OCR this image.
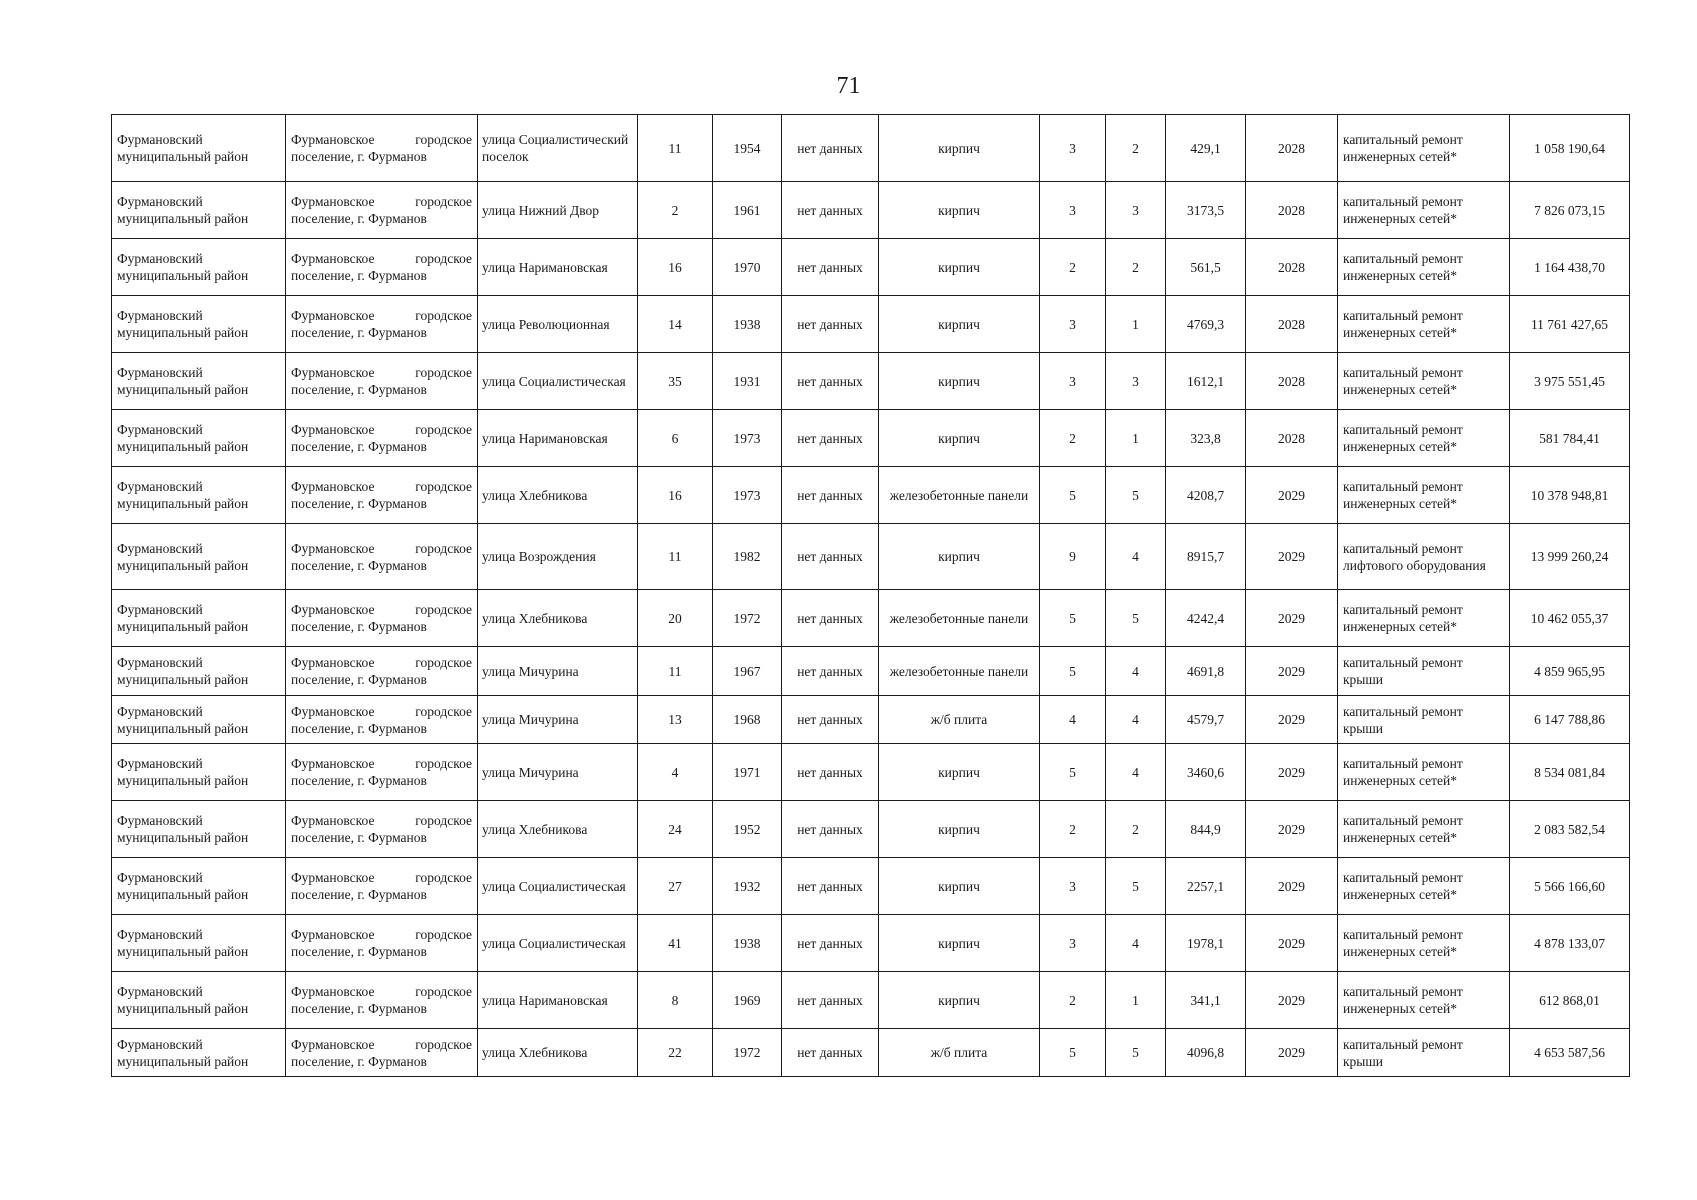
71
Фурмановский муниципальный район	Фурмановское городское поселение, г. Фурманов	улица Социалистический поселок	11	1954	нет данных	кирпич	3	2	429,1	2028	капитальный ремонт инженерных сетей*	1 058 190,64
Фурмановский муниципальный район	Фурмановское городское поселение, г. Фурманов	улица Нижний Двор	2	1961	нет данных	кирпич	3	3	3173,5	2028	капитальный ремонт инженерных сетей*	7 826 073,15
Фурмановский муниципальный район	Фурмановское городское поселение, г. Фурманов	улица Наримановская	16	1970	нет данных	кирпич	2	2	561,5	2028	капитальный ремонт инженерных сетей*	1 164 438,70
Фурмановский муниципальный район	Фурмановское городское поселение, г. Фурманов	улица Революционная	14	1938	нет данных	кирпич	3	1	4769,3	2028	капитальный ремонт инженерных сетей*	11 761 427,65
Фурмановский муниципальный район	Фурмановское городское поселение, г. Фурманов	улица Социалистическая	35	1931	нет данных	кирпич	3	3	1612,1	2028	капитальный ремонт инженерных сетей*	3 975 551,45
Фурмановский муниципальный район	Фурмановское городское поселение, г. Фурманов	улица Наримановская	6	1973	нет данных	кирпич	2	1	323,8	2028	капитальный ремонт инженерных сетей*	581 784,41
Фурмановский муниципальный район	Фурмановское городское поселение, г. Фурманов	улица Хлебникова	16	1973	нет данных	железобетонные панели	5	5	4208,7	2029	капитальный ремонт инженерных сетей*	10 378 948,81
Фурмановский муниципальный район	Фурмановское городское поселение, г. Фурманов	улица Возрождения	11	1982	нет данных	кирпич	9	4	8915,7	2029	капитальный ремонт лифтового оборудования	13 999 260,24
Фурмановский муниципальный район	Фурмановское городское поселение, г. Фурманов	улица Хлебникова	20	1972	нет данных	железобетонные панели	5	5	4242,4	2029	капитальный ремонт инженерных сетей*	10 462 055,37
Фурмановский муниципальный район	Фурмановское городское поселение, г. Фурманов	улица Мичурина	11	1967	нет данных	железобетонные панели	5	4	4691,8	2029	капитальный ремонт крыши	4 859 965,95
Фурмановский муниципальный район	Фурмановское городское поселение, г. Фурманов	улица Мичурина	13	1968	нет данных	ж/б плита	4	4	4579,7	2029	капитальный ремонт крыши	6 147 788,86
Фурмановский муниципальный район	Фурмановское городское поселение, г. Фурманов	улица Мичурина	4	1971	нет данных	кирпич	5	4	3460,6	2029	капитальный ремонт инженерных сетей*	8 534 081,84
Фурмановский муниципальный район	Фурмановское городское поселение, г. Фурманов	улица Хлебникова	24	1952	нет данных	кирпич	2	2	844,9	2029	капитальный ремонт инженерных сетей*	2 083 582,54
Фурмановский муниципальный район	Фурмановское городское поселение, г. Фурманов	улица Социалистическая	27	1932	нет данных	кирпич	3	5	2257,1	2029	капитальный ремонт инженерных сетей*	5 566 166,60
Фурмановский муниципальный район	Фурмановское городское поселение, г. Фурманов	улица Социалистическая	41	1938	нет данных	кирпич	3	4	1978,1	2029	капитальный ремонт инженерных сетей*	4 878 133,07
Фурмановский муниципальный район	Фурмановское городское поселение, г. Фурманов	улица Наримановская	8	1969	нет данных	кирпич	2	1	341,1	2029	капитальный ремонт инженерных сетей*	612 868,01
Фурмановский муниципальный район	Фурмановское городское поселение, г. Фурманов	улица Хлебникова	22	1972	нет данных	ж/б плита	5	5	4096,8	2029	капитальный ремонт крыши	4 653 587,56
